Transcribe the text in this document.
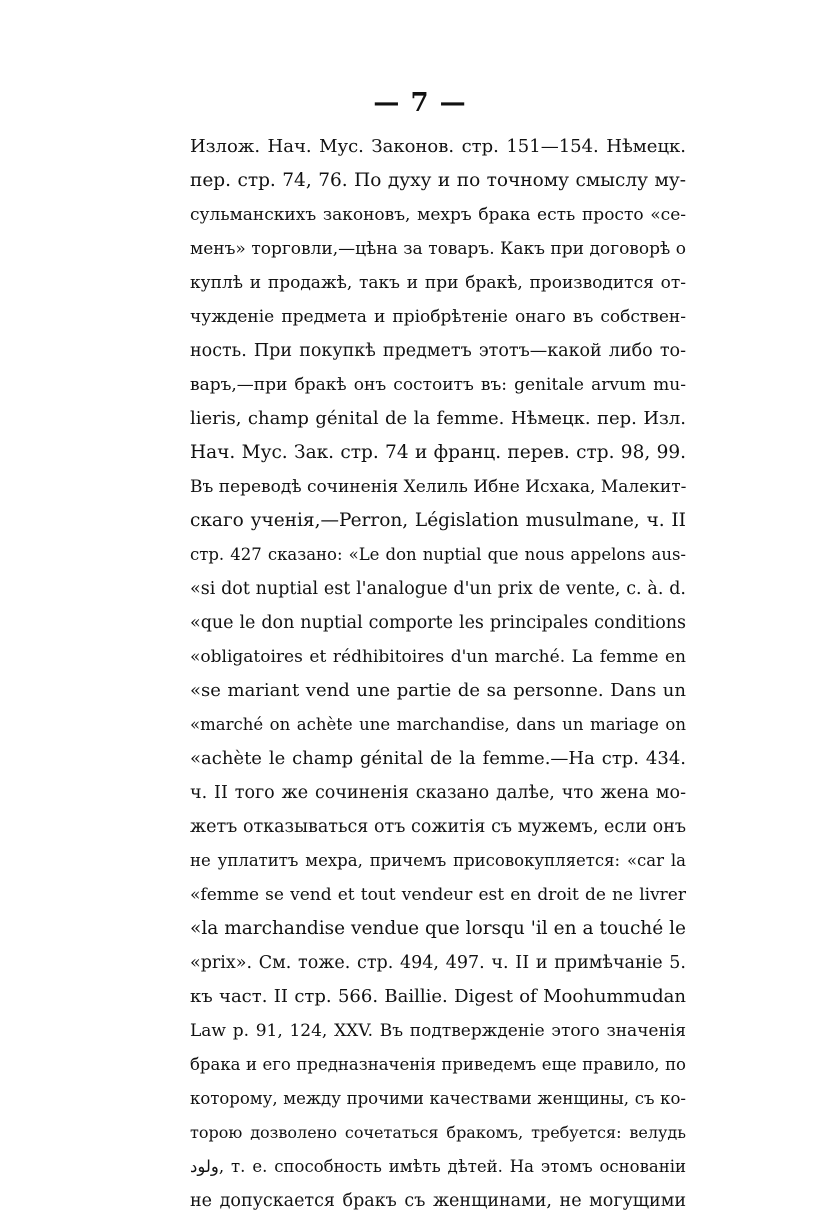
— 7 —
Излож. Нач. Мус. Законов. стр. 151—154. Нѣмецк.
пер. стр. 74, 76. По духу и по точному смыслу му-
сульманскихъ законовъ, мехръ брака есть просто «се-
менъ» торговли,—цѣна за товаръ. Какъ при договорѣ о
куплѣ и продажѣ, такъ и при бракѣ, производится от-
чужденіе предмета и пріобрѣтеніе онаго въ собствен-
ность. При покупкѣ предметъ этотъ—какой либо то-
варъ,—при бракѣ онъ состоитъ въ: genitale arvum mu-
lieris, champ génital de la femme. Нѣмецк. пер. Изл.
Нач. Мус. Зак. стр. 74 и франц. перев. стр. 98, 99.
Въ переводѣ сочиненія Хелиль Ибне Исхака, Малекит-
скаго ученія,—Perron, Législation musulmane, ч. II
стр. 427 сказано: «Le don nuptial que nous appelons aus-
«si dot nuptial est l'analogue d'un prix de vente, c. à. d.
«que le don nuptial comporte les principales conditions
«obligatoires et rédhibitoires d'un marché. La femme en
«se mariant vend une partie de sa personne. Dans un
«marché on achète une marchandise, dans un mariage on
«achète le champ génital de la femme.—На стр. 434.
ч. II того же сочиненія сказано далѣе, что жена мо-
жетъ отказываться отъ сожитія съ мужемъ, если онъ
не уплатитъ мехра, причемъ присовокупляется: «car la
«femme se vend et tout vendeur est en droit de ne livrer
«la marchandise vendue que lorsqu 'il en a touché le
«prix». См. тоже. стр. 494, 497. ч. II и примѣчаніе 5.
къ част. II стр. 566. Baillie. Digest of Moohummudan
Law p. 91, 124, XXV. Въ подтвержденіе этого значенія
брака и его предназначенія приведемъ еще правило, по
которому, между прочими качествами женщины, съ ко-
торою дозволено сочетаться бракомъ, требуется: велудь
ولود, т. е. способность имѣть дѣтей. На этомъ основаніи
не допускается бракъ съ женщинами, не могущими
